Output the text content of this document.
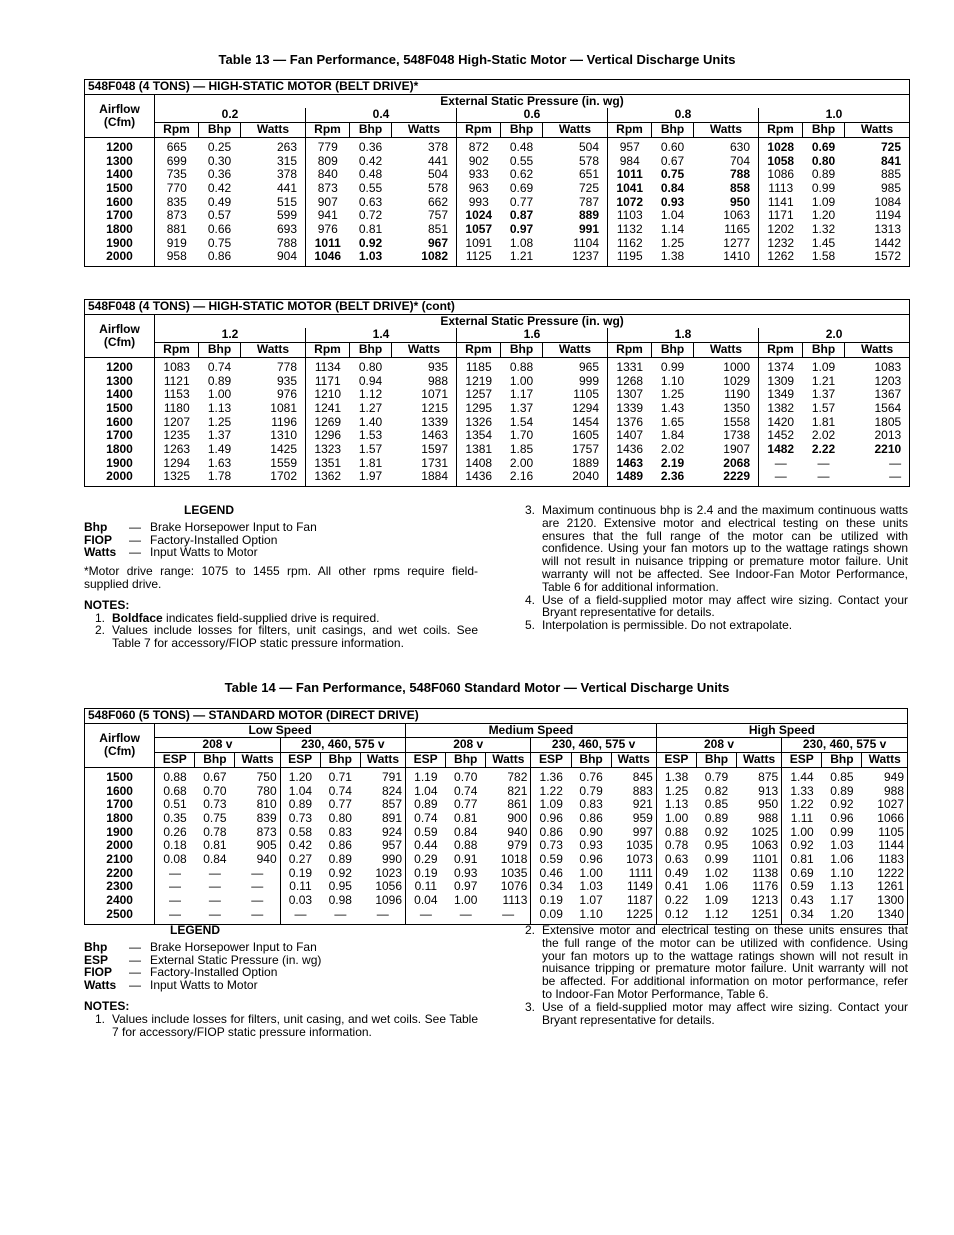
Table 13 — Fan Performance, 548F048 High-Static Motor — Vertical Discharge Units
548F048 (4 TONS) — HIGH-STATIC MOTOR (BELT DRIVE)*															
Airflow
(Cfm)	External Static Pressure (in. wg)														
	0.2			0.4			0.6			0.8			1.0		
	Rpm	Bhp	Watts	Rpm	Bhp	Watts	Rpm	Bhp	Watts	Rpm	Bhp	Watts	Rpm	Bhp	Watts
1200	665	0.25	263	779	0.36	378	872	0.48	504	957	0.60	630	1028	0.69	725
1300	699	0.30	315	809	0.42	441	902	0.55	578	984	0.67	704	1058	0.80	841
1400	735	0.36	378	840	0.48	504	933	0.62	651	1011	0.75	788	1086	0.89	885
1500	770	0.42	441	873	0.55	578	963	0.69	725	1041	0.84	858	1113	0.99	985
1600	835	0.49	515	907	0.63	662	993	0.77	787	1072	0.93	950	1141	1.09	1084
1700	873	0.57	599	941	0.72	757	1024	0.87	889	1103	1.04	1063	1171	1.20	1194
1800	881	0.66	693	976	0.81	851	1057	0.97	991	1132	1.14	1165	1202	1.32	1313
1900	919	0.75	788	1011	0.92	967	1091	1.08	1104	1162	1.25	1277	1232	1.45	1442
2000	958	0.86	904	1046	1.03	1082	1125	1.21	1237	1195	1.38	1410	1262	1.58	1572
548F048 (4 TONS) — HIGH-STATIC MOTOR (BELT DRIVE)* (cont)															
Airflow
(Cfm)	External Static Pressure (in. wg)														
	1.2			1.4			1.6			1.8			2.0		
	Rpm	Bhp	Watts	Rpm	Bhp	Watts	Rpm	Bhp	Watts	Rpm	Bhp	Watts	Rpm	Bhp	Watts
1200	1083	0.74	778	1134	0.80	935	1185	0.88	965	1331	0.99	1000	1374	1.09	1083
1300	1121	0.89	935	1171	0.94	988	1219	1.00	999	1268	1.10	1029	1309	1.21	1203
1400	1153	1.00	976	1210	1.12	1071	1257	1.17	1105	1307	1.25	1190	1349	1.37	1367
1500	1180	1.13	1081	1241	1.27	1215	1295	1.37	1294	1339	1.43	1350	1382	1.57	1564
1600	1207	1.25	1196	1269	1.40	1339	1326	1.54	1454	1376	1.65	1558	1420	1.81	1805
1700	1235	1.37	1310	1296	1.53	1463	1354	1.70	1605	1407	1.84	1738	1452	2.02	2013
1800	1263	1.49	1425	1323	1.57	1597	1381	1.85	1757	1436	2.02	1907	1482	2.22	2210
1900	1294	1.63	1559	1351	1.81	1731	1408	2.00	1889	1463	2.19	2068	—	—	—
2000	1325	1.78	1702	1362	1.97	1884	1436	2.16	2040	1489	2.36	2229	—	—	—
LEGEND
Bhp	— Brake Horsepower Input to Fan
FIOP	— Factory-Installed Option
Watts	— Input Watts to Motor
*Motor drive range: 1075 to 1455 rpm. All other rpms require field-supplied drive.
NOTES:
1. Boldface indicates field-supplied drive is required.
2. Values include losses for filters, unit casings, and wet coils. See Table 7 for accessory/FIOP static pressure information.
3. Maximum continuous bhp is 2.4 and the maximum continuous watts are 2120. Extensive motor and electrical testing on these units ensures that the full range of the motor can be utilized with confidence. Using your fan motors up to the wattage ratings shown will not result in nuisance tripping or premature motor failure. Unit warranty will not be affected. See Indoor-Fan Motor Performance, Table 6 for additional information.
4. Use of a field-supplied motor may affect wire sizing. Contact your Bryant representative for details.
5. Interpolation is permissible. Do not extrapolate.
Table 14 — Fan Performance, 548F060 Standard Motor — Vertical Discharge Units
548F060 (5 TONS) — STANDARD MOTOR (DIRECT DRIVE)																		
Airflow
(Cfm)	Low Speed						Medium Speed						High Speed					
	208 v			230, 460, 575 v			208 v			230, 460, 575 v			208 v			230, 460, 575 v		
	ESP	Bhp	Watts	ESP	Bhp	Watts	ESP	Bhp	Watts	ESP	Bhp	Watts	ESP	Bhp	Watts	ESP	Bhp	Watts
1500	0.88	0.67	750	1.20	0.71	791	1.19	0.70	782	1.36	0.76	845	1.38	0.79	875	1.44	0.85	949
1600	0.68	0.70	780	1.04	0.74	824	1.04	0.74	821	1.22	0.79	883	1.25	0.82	913	1.33	0.89	988
1700	0.51	0.73	810	0.89	0.77	857	0.89	0.77	861	1.09	0.83	921	1.13	0.85	950	1.22	0.92	1027
1800	0.35	0.75	839	0.73	0.80	891	0.74	0.81	900	0.96	0.86	959	1.00	0.89	988	1.11	0.96	1066
1900	0.26	0.78	873	0.58	0.83	924	0.59	0.84	940	0.86	0.90	997	0.88	0.92	1025	1.00	0.99	1105
2000	0.18	0.81	905	0.42	0.86	957	0.44	0.88	979	0.73	0.93	1035	0.78	0.95	1063	0.92	1.03	1144
2100	0.08	0.84	940	0.27	0.89	990	0.29	0.91	1018	0.59	0.96	1073	0.63	0.99	1101	0.81	1.06	1183
2200	—	—	—	0.19	0.92	1023	0.19	0.93	1035	0.46	1.00	1111	0.49	1.02	1138	0.69	1.10	1222
2300	—	—	—	0.11	0.95	1056	0.11	0.97	1076	0.34	1.03	1149	0.41	1.06	1176	0.59	1.13	1261
2400	—	—	—	0.03	0.98	1096	0.04	1.00	1113	0.19	1.07	1187	0.22	1.09	1213	0.43	1.17	1300
2500	—	—	—	—	—	—	—	—	—	0.09	1.10	1225	0.12	1.12	1251	0.34	1.20	1340
LEGEND
Bhp	— Brake Horsepower Input to Fan
ESP	— External Static Pressure (in. wg)
FIOP	— Factory-Installed Option
Watts	— Input Watts to Motor
NOTES:
1. Values include losses for filters, unit casing, and wet coils. See Table 7 for accessory/FIOP static pressure information.
2. Extensive motor and electrical testing on these units ensures that the full range of the motor can be utilized with confidence. Using your fan motors up to the wattage ratings shown will not result in nuisance tripping or premature motor failure. Unit warranty will not be affected. For additional information on motor performance, refer to Indoor-Fan Motor Performance, Table 6.
3. Use of a field-supplied motor may affect wire sizing. Contact your Bryant representative for details.
